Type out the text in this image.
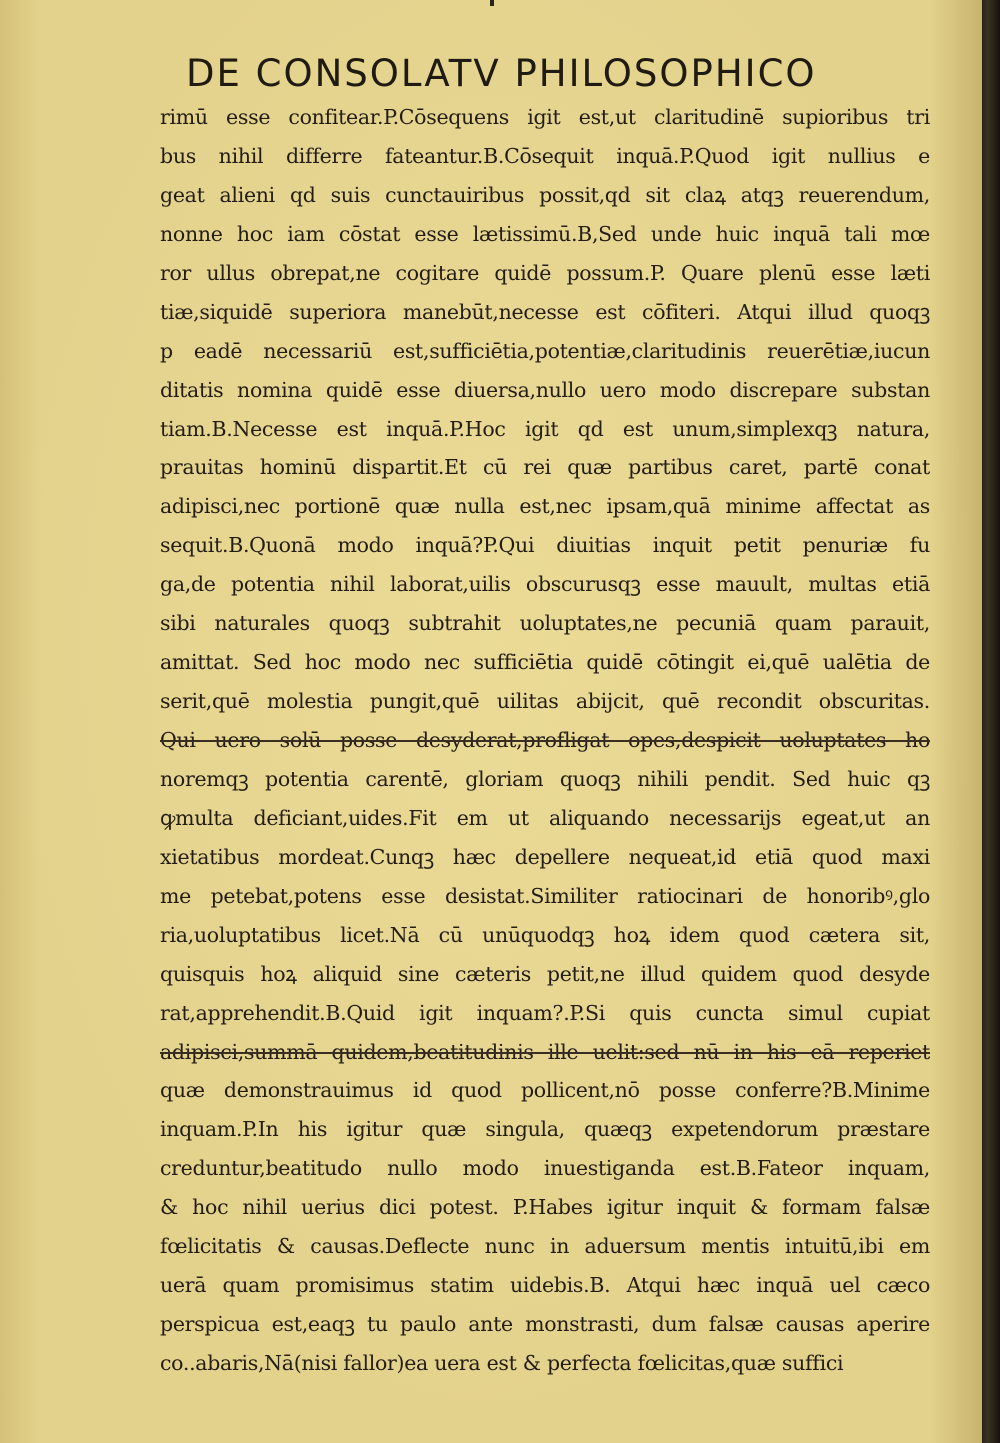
DE CONSOLATV PHILOSOPHICO
rimū esse confitear.P.Cōsequens igit est,ut claritudinē supioribus tri
bus nihil differre fateantur.B.Cōsequit inquā.P.Quod igit nullius e
geat alieni qd suis cunctauiribus possit,qd sit claꝝ atqꝫ reuerendum,
nonne hoc iam cōstat esse lætissimū.B,Sed unde huic inquā tali mœ
ror ullus obrepat,ne cogitare quidē possum.P. Quare plenū esse læti
tiæ,siquidē superiora manebūt,necesse est cōfiteri. Atqui illud quoqꝫ
p eadē necessariū est,sufficiētia,potentiæ,claritudinis reuerētiæ,iucun
ditatis nomina quidē esse diuersa,nullo uero modo discrepare substan
tiam.B.Necesse est inquā.P.Hoc igit qd est unum,simplexqꝫ natura,
prauitas hominū dispartit.Et cū rei quæ partibus caret, partē conat
adipisci,nec portionē quæ nulla est,nec ipsam,quā minime affectat as
sequit.B.Quonā modo inquā?P.Qui diuitias inquit petit penuriæ fu
ga,de potentia nihil laborat,uilis obscurusqꝫ esse mauult, multas etiā
sibi naturales quoqꝫ subtrahit uoluptates,ne pecuniā quam parauit,
amittat. Sed hoc modo nec sufficiētia quidē cōtingit ei,quē ualētia de
serit,quē molestia pungit,quē uilitas abijcit, quē recondit obscuritas.
Qui uero solū posse desyderat,profligat opes,despicit uoluptates ho
noremqꝫ potentia carentē, gloriam quoqꝫ nihili pendit. Sed huic qꝫ
ꝙmulta deficiant,uides.Fit em ut aliquando necessarijs egeat,ut an
xietatibus mordeat.Cunqꝫ hæc depellere nequeat,id etiā quod maxi
me petebat,potens esse desistat.Similiter ratiocinari de honoribꝰ,glo
ria,uoluptatibus licet.Nā cū unūquodqꝫ hoꝝ idem quod cætera sit,
quisquis hoꝝ aliquid sine cæteris petit,ne illud quidem quod desyde
rat,apprehendit.B.Quid igit inquam?.P.Si quis cuncta simul cupiat
adipisci,summā quidem,beatitudinis ille uelit:sed nū in his eā reperiet
quæ demonstrauimus id quod pollicent,nō posse conferre?B.Minime
inquam.P.In his igitur quæ singula, quæqꝫ expetendorum præstare
creduntur,beatitudo nullo modo inuestiganda est.B.Fateor inquam,
& hoc nihil uerius dici potest. P.Habes igitur inquit & formam falsæ
fœlicitatis & causas.Deflecte nunc in aduersum mentis intuitū,ibi em
uerā quam promisimus statim uidebis.B. Atqui hæc inquā uel cæco
perspicua est,eaqꝫ tu paulo ante monstrasti, dum falsæ causas aperire
co..abaris,Nā(nisi fallor)ea uera est & perfecta fœlicitas,quæ suffici
